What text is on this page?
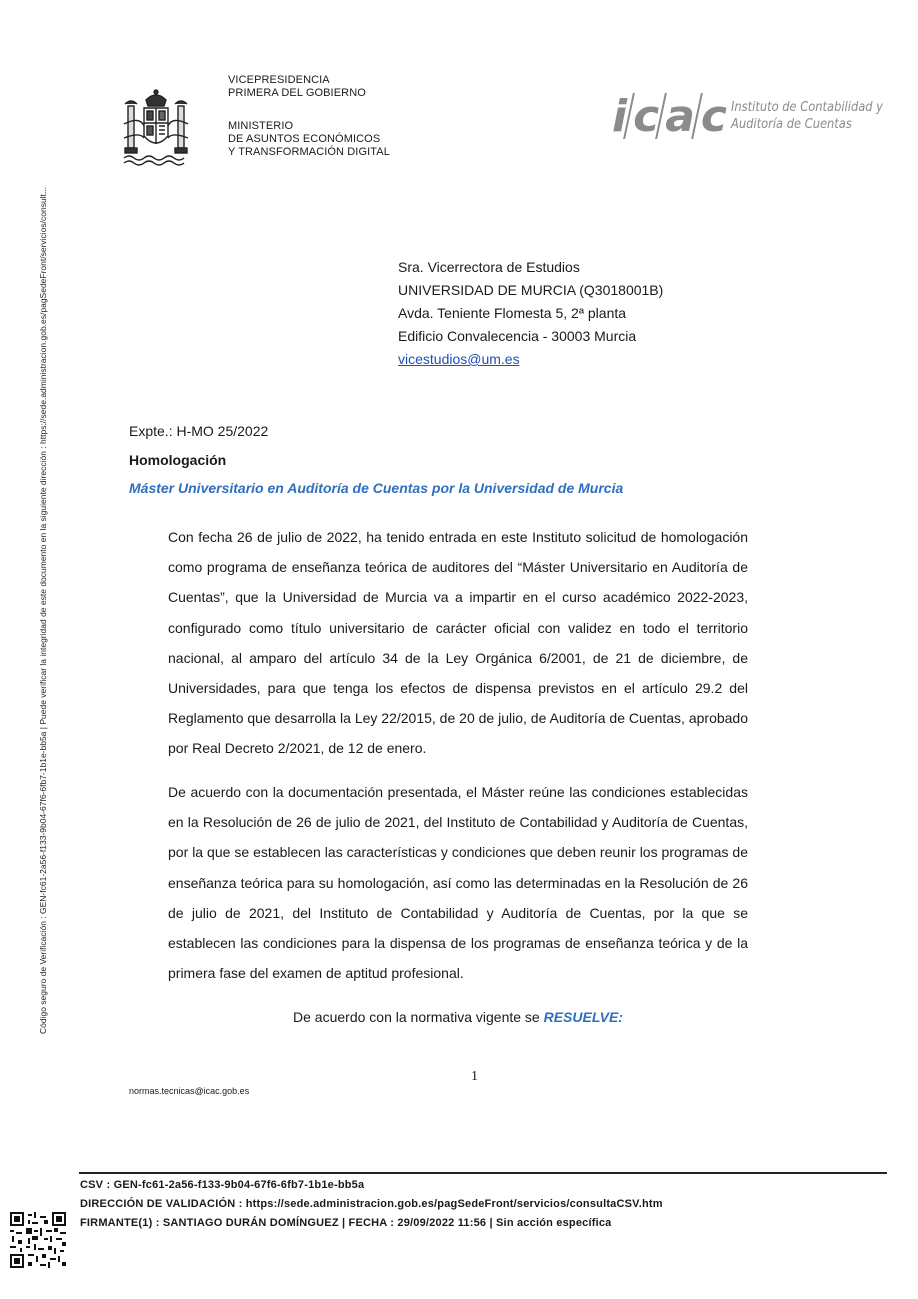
VICEPRESIDENCIA
PRIMERA DEL GOBIERNO
MINISTERIO
DE ASUNTOS ECONÓMICOS
Y TRANSFORMACIÓN DIGITAL
i c a c Instituto de Contabilidad y
Auditoría de Cuentas
Código seguro de Verificación : GEN-fc61-2a56-f133-9b04-67f6-6fb7-1b1e-bb5a | Puede verificar la integridad de este documento en la siguiente dirección : https://sede.administracion.gob.es/pagSedeFront/servicios/consult...	Sra. Vicerrectora de Estudios
UNIVERSIDAD DE MURCIA (Q3018001B)
Avda. Teniente Flomesta 5, 2ª planta
Edificio Convalecencia - 30003 Murcia
vicestudios@um.es
Expte.: H-MO 25/2022
Homologación
Máster Universitario en Auditoría de Cuentas por la Universidad de Murcia
Con fecha 26 de julio de 2022, ha tenido entrada en este Instituto solicitud de homologación como programa de enseñanza teórica de auditores del “Máster Universitario en Auditoría de Cuentas”, que la Universidad de Murcia va a impartir en el curso académico 2022-2023, configurado como título universitario de carácter oficial con validez en todo el territorio nacional, al amparo del artículo 34 de la Ley Orgánica 6/2001, de 21 de diciembre, de Universidades, para que tenga los efectos de dispensa previstos en el artículo 29.2 del Reglamento que desarrolla la Ley 22/2015, de 20 de julio, de Auditoría de Cuentas, aprobado por Real Decreto 2/2021, de 12 de enero.
De acuerdo con la documentación presentada, el Máster reúne las condiciones establecidas en la Resolución de 26 de julio de 2021, del Instituto de Contabilidad y Auditoría de Cuentas, por la que se establecen las características y condiciones que deben reunir los programas de enseñanza teórica para su homologación, así como las determinadas en la Resolución de 26 de julio de 2021, del Instituto de Contabilidad y Auditoría de Cuentas, por la que se establecen las condiciones para la dispensa de los programas de enseñanza teórica y de la primera fase del examen de aptitud profesional.
De acuerdo con la normativa vigente se RESUELVE:
1
normas.tecnicas@icac.gob.es
CSV : GEN-fc61-2a56-f133-9b04-67f6-6fb7-1b1e-bb5a
DIRECCIÓN DE VALIDACIÓN : https://sede.administracion.gob.es/pagSedeFront/servicios/consultaCSV.htm
FIRMANTE(1) : SANTIAGO DURÁN DOMÍNGUEZ | FECHA : 29/09/2022 11:56 | Sin acción específica
